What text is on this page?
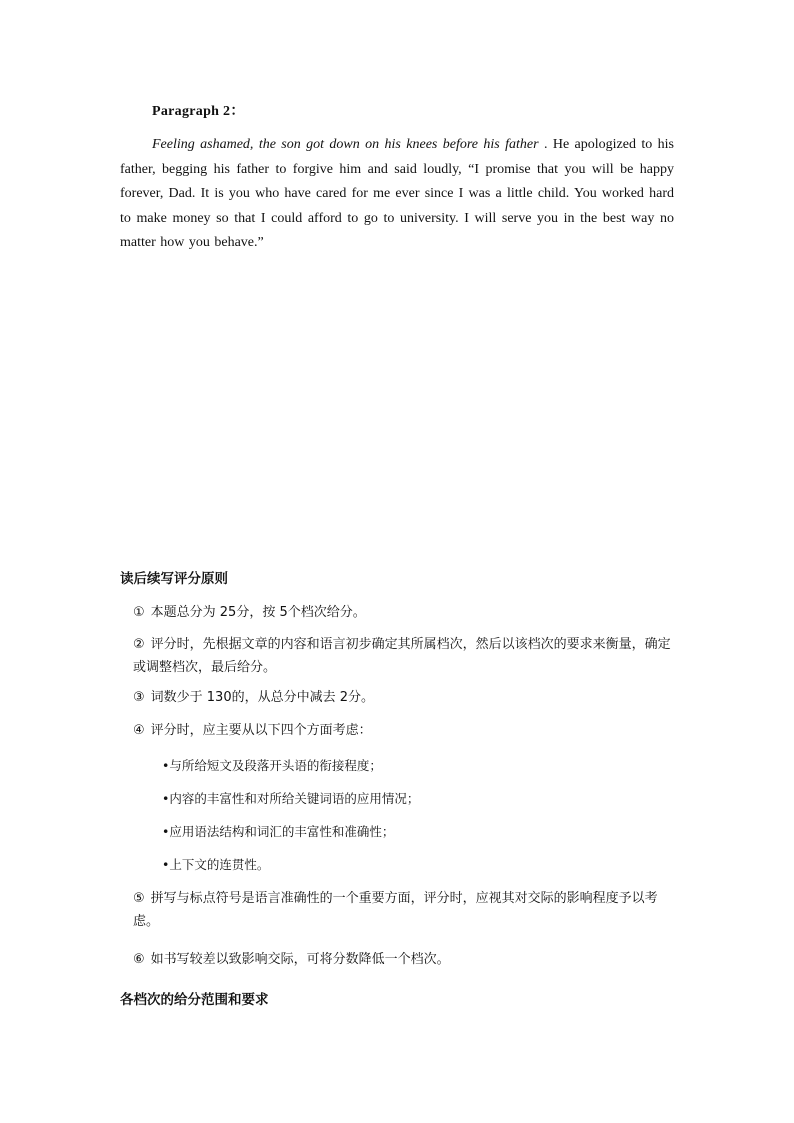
Paragraph 2：
Feeling ashamed, the son got down on his knees before his father . He apologized to his father, begging his father to forgive him and said loudly, “I promise that you will be happy forever, Dad. It is you who have cared for me ever since I was a little child. You worked hard to make money so that I could afford to go to university. I will serve you in the best way no matter how you behave.”
读后续写评分原则
① 本题总分为 25分，按 5个档次给分。
② 评分时，先根据文章的内容和语言初步确定其所属档次，然后以该档次的要求来衡量，确定或调整档次，最后给分。
③ 词数少于 130的，从总分中减去 2分。
④ 评分时，应主要从以下四个方面考虑：
•与所给短文及段落开头语的衔接程度；
•内容的丰富性和对所给关键词语的应用情况；
•应用语法结构和词汇的丰富性和准确性；
•上下文的连贯性。
⑤ 拼写与标点符号是语言准确性的一个重要方面，评分时，应视其对交际的影响程度予以考虑。
⑥ 如书写较差以致影响交际，可将分数降低一个档次。
各档次的给分范围和要求
